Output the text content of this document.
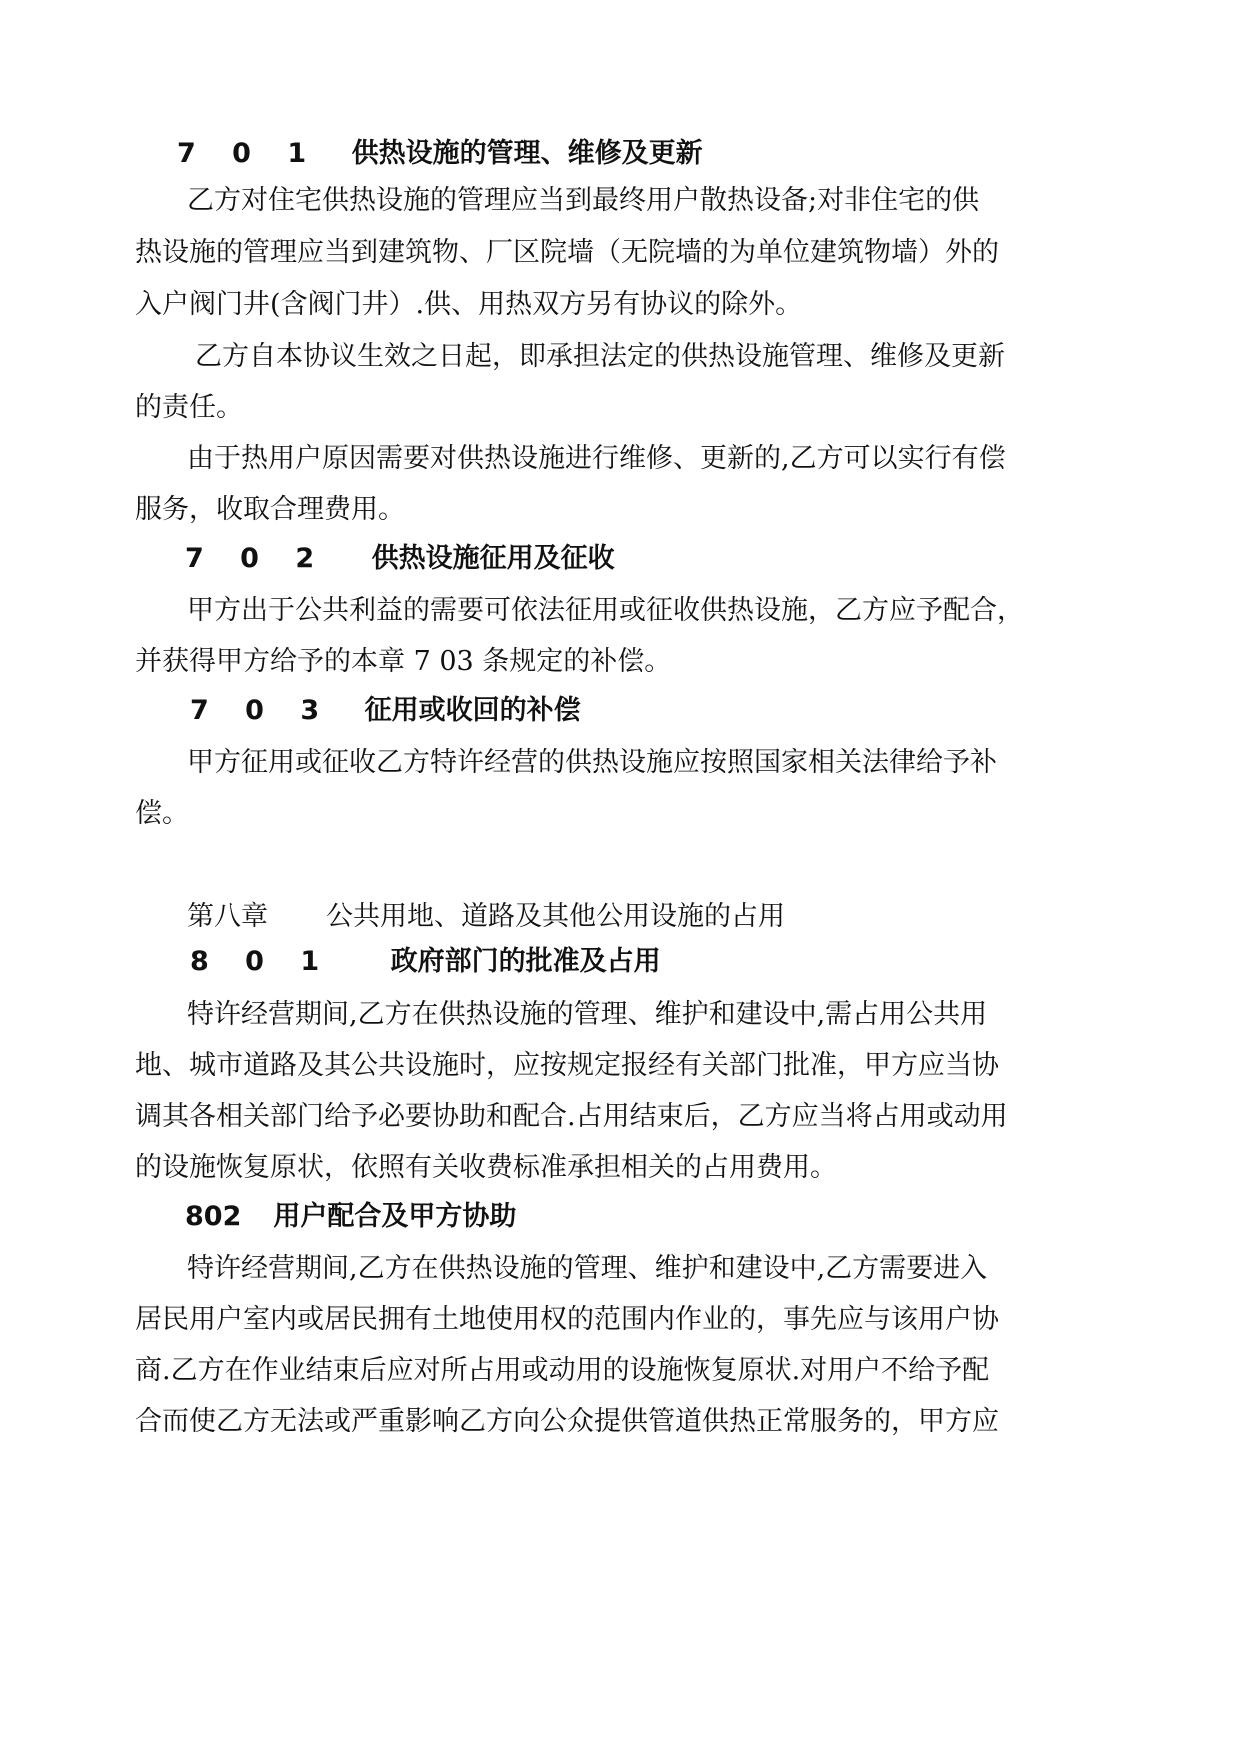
7 0 1 供热设施的管理、维修及更新
乙方对住宅供热设施的管理应当到最终用户散热设备;对非住宅的供
热设施的管理应当到建筑物、厂区院墙（无院墙的为单位建筑物墙）外的
入户阀门井(含阀门井）.供、用热双方另有协议的除外。
乙方自本协议生效之日起，即承担法定的供热设施管理、维修及更新
的责任。
由于热用户原因需要对供热设施进行维修、更新的,乙方可以实行有偿
服务，收取合理费用。
7 0 2 供热设施征用及征收
甲方出于公共利益的需要可依法征用或征收供热设施，乙方应予配合，
并获得甲方给予的本章 7 03 条规定的补偿。
7 0 3 征用或收回的补偿
甲方征用或征收乙方特许经营的供热设施应按照国家相关法律给予补
偿。
第八章 公共用地、道路及其他公用设施的占用
8 0 1 政府部门的批准及占用
特许经营期间,乙方在供热设施的管理、维护和建设中,需占用公共用
地、城市道路及其公共设施时，应按规定报经有关部门批准，甲方应当协
调其各相关部门给予必要协助和配合.占用结束后，乙方应当将占用或动用
的设施恢复原状，依照有关收费标准承担相关的占用费用。
802 用户配合及甲方协助
特许经营期间,乙方在供热设施的管理、维护和建设中,乙方需要进入
居民用户室内或居民拥有土地使用权的范围内作业的，事先应与该用户协
商.乙方在作业结束后应对所占用或动用的设施恢复原状.对用户不给予配
合而使乙方无法或严重影响乙方向公众提供管道供热正常服务的，甲方应
